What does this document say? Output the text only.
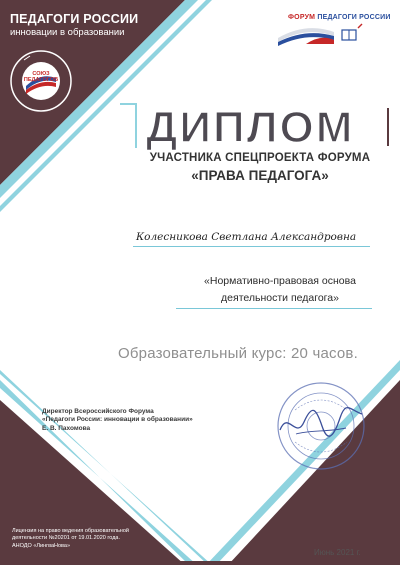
ПЕДАГОГИ РОССИИ
инновации в образовании
СОЮЗ ПЕДАГОГОВ
ФОРУМ ПЕДАГОГИ РОССИИ
ДИПЛОМ
УЧАСТНИКА СПЕЦПРОЕКТА ФОРУМА
«ПРАВА ПЕДАГОГА»
Колесникова Светлана Александровна
«Нормативно-правовая основа
деятельности педагога»
Образовательный курс: 20 часов.
Директор Всероссийского Форума
«Педагоги России: инновации в образовании»
Е. В. Пахомова
Лицензия на право ведения образовательной
деятельности №20201 от 19.01.2020 года.
АНОДО «ЛингваНова»
Июнь 2021 г.
